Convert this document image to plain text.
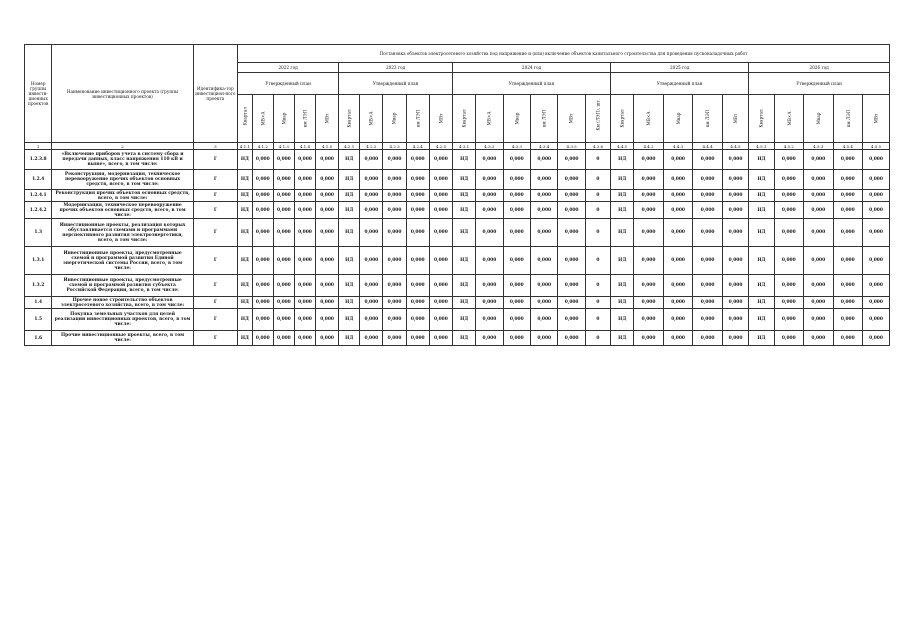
Номер группы инвести-ционных проектов	Наименование инвестиционного проекта (группы инвестиционных проектов)	Идентифика-тор инвестицион-ного проекта	Постановка объектов электросетевого хозяйства под напряжение и (или) включение объектов капитального строительства для проведения пусконаладочных работ																									
			2022 год					2023 год					2024 год						2025 год					2026 год				
			Утвержденный план					Утвержденный план					Утвержденный план						Утвержденный план					Утвержденный план				

			Квартал	МВ×А	Мвар	км ЛЭП	МВт	Квартал	МВ×А	Мвар	км ЛЭП	МВт	Квартал	МВ×А	Мвар	км ЛЭП	МВт	Км (ЛЭП), шт.	Квартал	МВ×А	Мвар	км ЛЭП	МВт	Квартал	МВ×А	Мвар	км ЛЭП	МВт

1	2	3	4.1.1	4.1.2	4.1.3	4.1.4	4.1.5	4.2.1	4.2.2	4.2.3	4.2.4	4.2.5	4.3.1	4.3.2	4.3.3	4.3.4	4.3.5	4.3.6	4.4.1	4.4.2	4.4.3	4.4.4	4.4.5	4.5.1	4.5.2	4.5.3	4.5.4	4.5.5
1.2.3.8	«Включение приборов учета в систему сбора и передачи данных, класс напряжения 110 кВ и выше», всего, в том числе:	Г	НД	0,000	0,000	0,000	0,000	НД	0,000	0,000	0,000	0,000	НД	0,000	0,000	0,000	0,000	0	НД	0,000	0,000	0,000	0,000	НД	0,000	0,000	0,000	0,000
1.2.4	Реконструкция, модернизация, техническое перевооружение прочих объектов основных средств, всего, в том числе:	Г	НД	0,000	0,000	0,000	0,000	НД	0,000	0,000	0,000	0,000	НД	0,000	0,000	0,000	0,000	0	НД	0,000	0,000	0,000	0,000	НД	0,000	0,000	0,000	0,000
1.2.4.1	Реконструкция прочих объектов основных средств, всего, в том числе:	Г	НД	0,000	0,000	0,000	0,000	НД	0,000	0,000	0,000	0,000	НД	0,000	0,000	0,000	0,000	0	НД	0,000	0,000	0,000	0,000	НД	0,000	0,000	0,000	0,000
1.2.4.2	Модернизация, техническое перевооружение прочих объектов основных средств, всего, в том числе:	Г	НД	0,000	0,000	0,000	0,000	НД	0,000	0,000	0,000	0,000	НД	0,000	0,000	0,000	0,000	0	НД	0,000	0,000	0,000	0,000	НД	0,000	0,000	0,000	0,000
1.3	Инвестиционные проекты, реализация которых обуславливается схемами и программами перспективного развития электроэнергетики, всего, в том числе:	Г	НД	0,000	0,000	0,000	0,000	НД	0,000	0,000	0,000	0,000	НД	0,000	0,000	0,000	0,000	0	НД	0,000	0,000	0,000	0,000	НД	0,000	0,000	0,000	0,000
1.3.1	Инвестиционные проекты, предусмотренные схемой и программой развития Единой энергетической системы России, всего, в том числе:	Г	НД	0,000	0,000	0,000	0,000	НД	0,000	0,000	0,000	0,000	НД	0,000	0,000	0,000	0,000	0	НД	0,000	0,000	0,000	0,000	НД	0,000	0,000	0,000	0,000
1.3.2	Инвестиционные проекты, предусмотренные схемой и программой развития субъекта Российской Федерации, всего, в том числе:	Г	НД	0,000	0,000	0,000	0,000	НД	0,000	0,000	0,000	0,000	НД	0,000	0,000	0,000	0,000	0	НД	0,000	0,000	0,000	0,000	НД	0,000	0,000	0,000	0,000
1.4	Прочее новое строительство объектов электросетевого хозяйства, всего, в том числе:	Г	НД	0,000	0,000	0,000	0,000	НД	0,000	0,000	0,000	0,000	НД	0,000	0,000	0,000	0,000	0	НД	0,000	0,000	0,000	0,000	НД	0,000	0,000	0,000	0,000
1.5	Покупка земельных участков для целей реализации инвестиционных проектов, всего, в том числе:	Г	НД	0,000	0,000	0,000	0,000	НД	0,000	0,000	0,000	0,000	НД	0,000	0,000	0,000	0,000	0	НД	0,000	0,000	0,000	0,000	НД	0,000	0,000	0,000	0,000
1.6	Прочие инвестиционные проекты, всего, в том числе:	Г	НД	0,000	0,000	0,000	0,000	НД	0,000	0,000	0,000	0,000	НД	0,000	0,000	0,000	0,000	0	НД	0,000	0,000	0,000	0,000	НД	0,000	0,000	0,000	0,000
